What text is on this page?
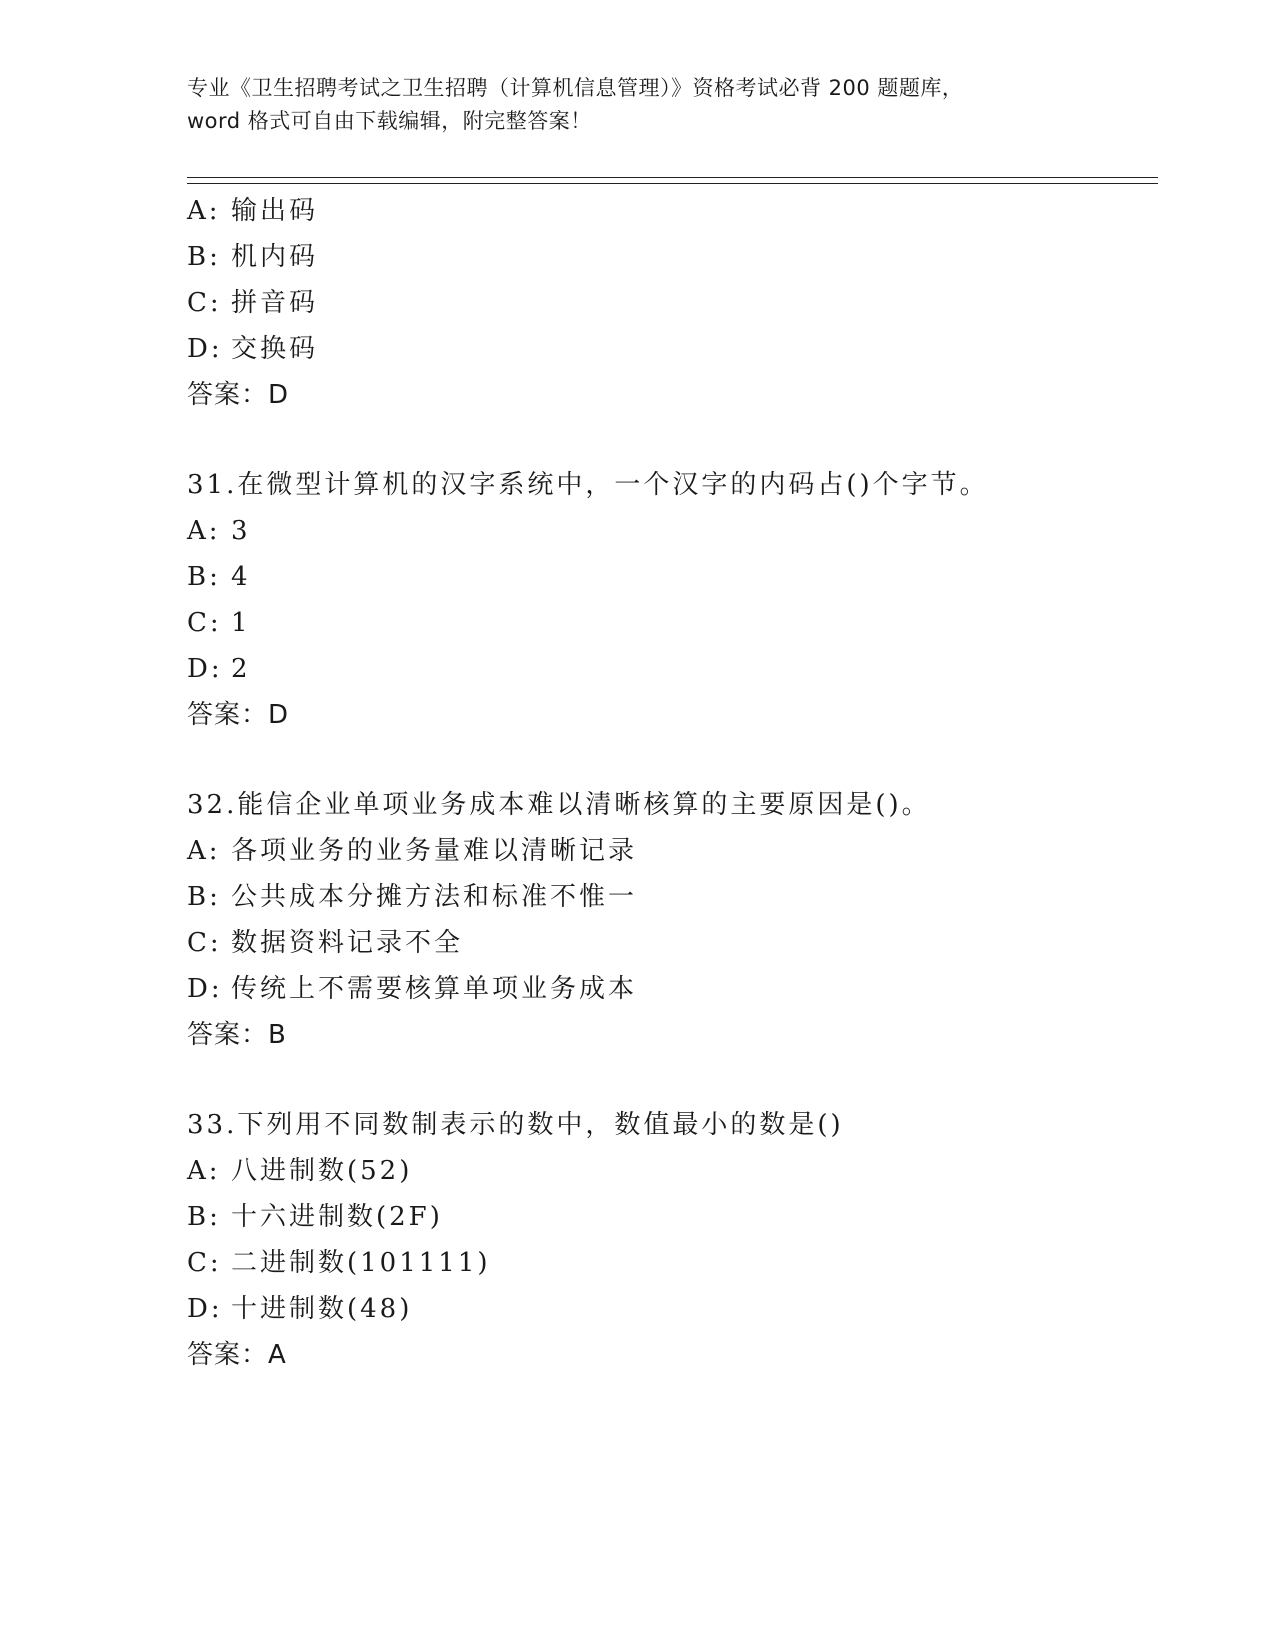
专业《卫生招聘考试之卫生招聘（计算机信息管理）》资格考试必背 200 题题库，
word 格式可自由下载编辑，附完整答案！
A: 输出码
B: 机内码
C: 拼音码
D: 交换码
答案：D
31.在微型计算机的汉字系统中，一个汉字的内码占()个字节。
A: 3
B: 4
C: 1
D: 2
答案：D
32.能信企业单项业务成本难以清晰核算的主要原因是()。
A: 各项业务的业务量难以清晰记录
B: 公共成本分摊方法和标准不惟一
C: 数据资料记录不全
D: 传统上不需要核算单项业务成本
答案：B
33.下列用不同数制表示的数中，数值最小的数是()
A: 八进制数(52)
B: 十六进制数(2F)
C: 二进制数(101111)
D: 十进制数(48)
答案：A
